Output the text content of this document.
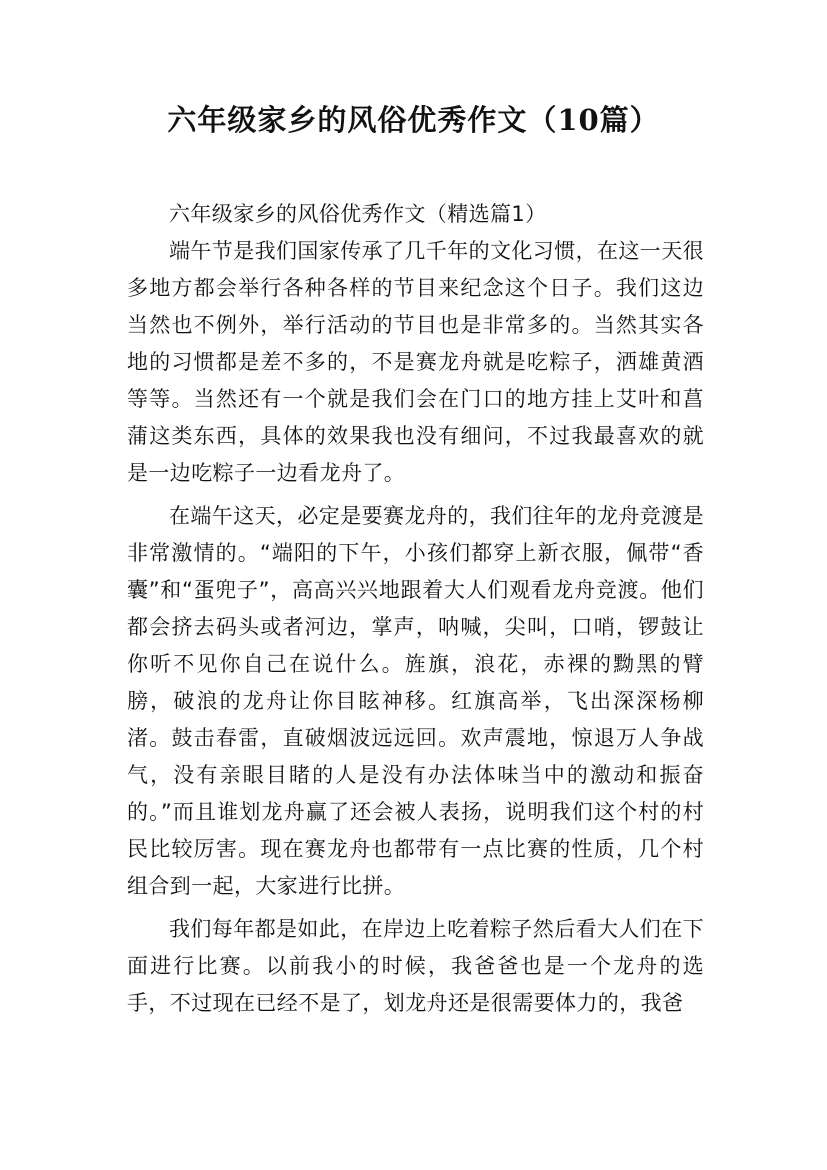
六年级家乡的风俗优秀作文（10篇）

六年级家乡的风俗优秀作文（精选篇1）

端午节是我们国家传承了几千年的文化习惯，在这一天很多地方都会举行各种各样的节目来纪念这个日子。我们这边当然也不例外，举行活动的节目也是非常多的。当然其实各地的习惯都是差不多的，不是赛龙舟就是吃粽子，洒雄黄酒等等。当然还有一个就是我们会在门口的地方挂上艾叶和菖蒲这类东西，具体的效果我也没有细问，不过我最喜欢的就是一边吃粽子一边看龙舟了。

在端午这天，必定是要赛龙舟的，我们往年的龙舟竞渡是非常激情的。“端阳的下午，小孩们都穿上新衣服，佩带“香囊”和“蛋兜子”，高高兴兴地跟着大人们观看龙舟竞渡。他们都会挤去码头或者河边，掌声，呐喊，尖叫，口哨，锣鼓让你听不见你自己在说什么。旌旗，浪花，赤裸的黝黑的臂膀，破浪的龙舟让你目眩神移。红旗高举，飞出深深杨柳渚。鼓击春雷，直破烟波远远回。欢声震地，惊退万人争战气，没有亲眼目睹的人是没有办法体味当中的激动和振奋的。”而且谁划龙舟赢了还会被人表扬，说明我们这个村的村民比较厉害。现在赛龙舟也都带有一点比赛的性质，几个村组合到一起，大家进行比拼。

我们每年都是如此，在岸边上吃着粽子然后看大人们在下面进行比赛。以前我小的时候，我爸爸也是一个龙舟的选手，不过现在已经不是了，划龙舟还是很需要体力的，我爸
